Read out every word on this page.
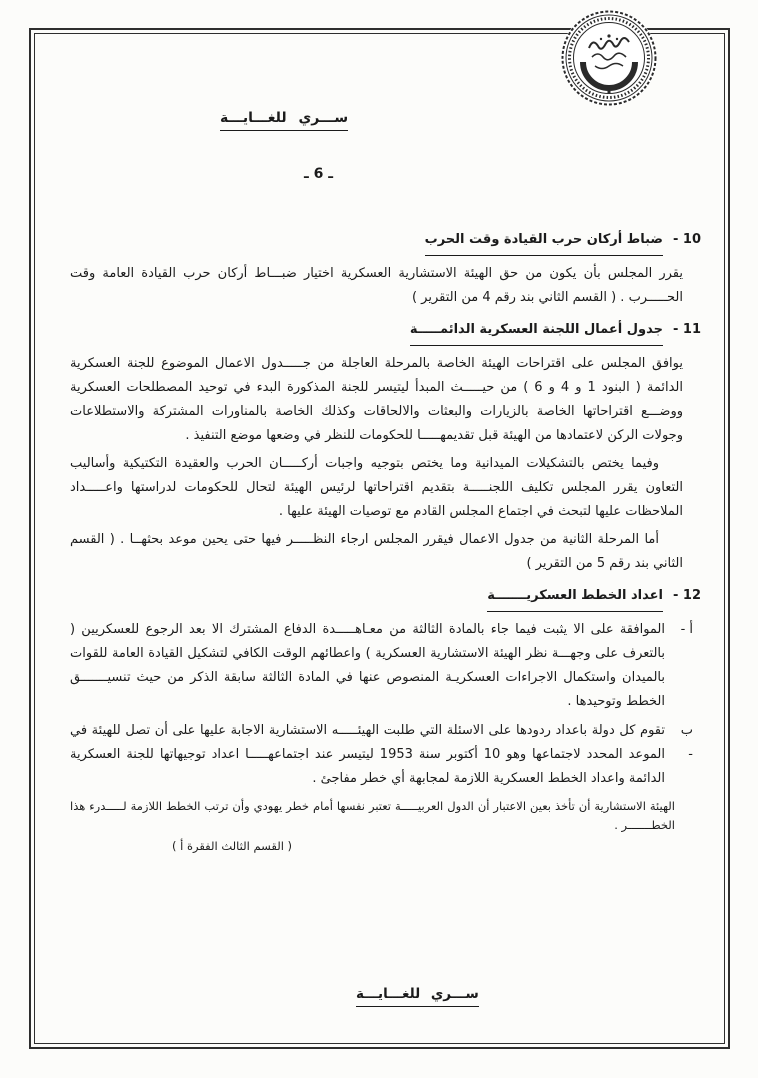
ســـري للغـــايـــة
ـ 6 ـ
10 -
ضباط أركان حرب القيادة وقت الحرب
يقرر المجلس بأن يكون من حق الهيئة الاستشارية العسكرية اختيار ضبـــاط أركان حرب القيادة العامة وقت الحـــــرب . ( القسم الثاني بند رقم 4 من التقرير )
11 -
جدول أعمال اللجنة العسكرية الدائمـــــة
يوافق المجلس على اقتراحات الهيئة الخاصة بالمرحلة العاجلة من جـــــدول الاعمال الموضوع للجنة العسكرية الدائمة ( البنود 1 و 4 و 6 ) من حيـــــث المبدأ ليتيسر للجنة المذكورة البدء في توحيد المصطلحات العسكرية ووضـــع اقتراحاتها الخاصة بالزيارات والبعثات والالحاقات وكذلك الخاصة بالمناورات المشتركة والاستطلاعات وجولات الركن لاعتمادها من الهيئة قبل تقديمهـــــا للحكومات للنظر في وضعها موضع التنفيذ .
وفيما يختص بالتشكيلات الميدانية وما يختص بتوجيه واجبات أركـــــان الحرب والعقيدة التكتيكية وأساليب التعاون يقرر المجلس تكليف اللجنـــــة بتقديم اقتراحاتها لرئيس الهيئة لتحال للحكومات لدراستها واعـــــداد الملاحظات عليها لتبحث في اجتماع المجلس القادم مع توصيات الهيئة عليها .
أما المرحلة الثانية من جدول الاعمال فيقرر المجلس ارجاء النظـــــر فيها حتى يحين موعد بحثهــا . ( القسم الثاني بند رقم 5 من التقرير )
12 -
اعداد الخطط العسكريـــــــة
أ -
الموافقة على الا يثبت فيما جاء بالمادة الثالثة من معـاهـــــدة الدفاع المشترك الا بعد الرجوع للعسكريين ( بالتعرف على وجهـــة نظر الهيئة الاستشارية العسكرية ) واعطائهم الوقت الكافي لتشكيل القيادة العامة للقوات بالميدان واستكمال الاجراءات العسكريـة المنصوص عنها في المادة الثالثة سابقة الذكر من حيث تنسيـــــــق الخطط وتوحيدها .
ب -
تقوم كل دولة باعداد ردودها على الاسئلة التي طلبت الهيئـــــه الاستشارية الاجابة عليها على أن تصل للهيئة في الموعد المحدد لاجتماعها وهو 10 أكتوبر سنة 1953 ليتيسر عند اجتماعهـــــا اعداد توجيهاتها للجنة العسكرية الدائمة واعداد الخطط العسكرية اللازمة لمجابهة أي خطر مفاجئ .
الهيئة الاستشارية أن تأخذ بعين الاعتبار أن الدول العربيـــــة تعتبر نفسها أمام خطر يهودي وأن ترتب الخطط اللازمة لـــــدرء هذا الخطـــــــر .
( القسم الثالث الفقرة أ )
ســـري للغـــايـــة
